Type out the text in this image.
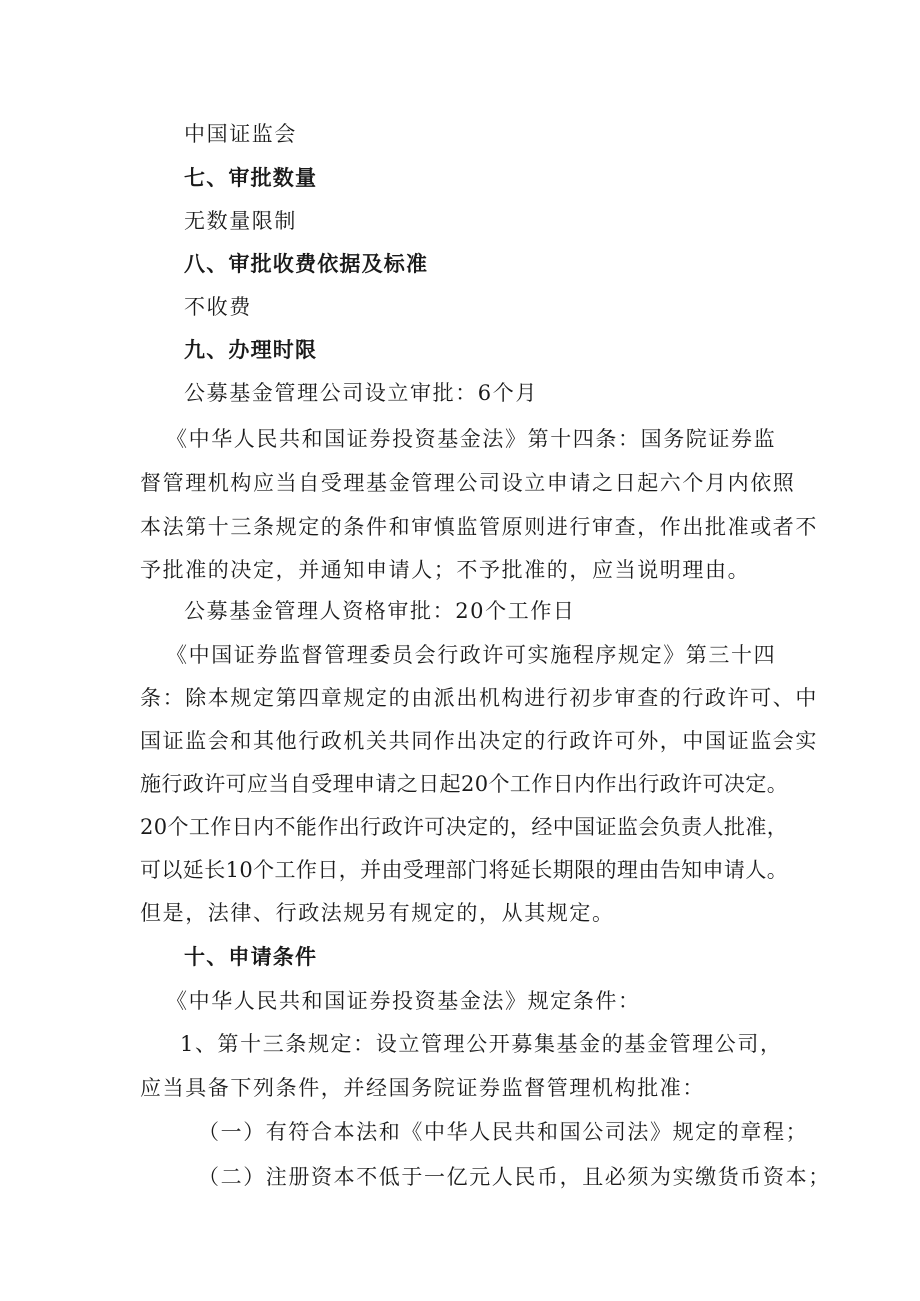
中国证监会
七、审批数量
无数量限制
八、审批收费依据及标准
不收费
九、办理时限
公募基金管理公司设立审批：6个月
《中华人民共和国证券投资基金法》第十四条：国务院证券监
督管理机构应当自受理基金管理公司设立申请之日起六个月内依照
本法第十三条规定的条件和审慎监管原则进行审查，作出批准或者不
予批准的决定，并通知申请人；不予批准的，应当说明理由。
公募基金管理人资格审批：20个工作日
《中国证券监督管理委员会行政许可实施程序规定》第三十四
条：除本规定第四章规定的由派出机构进行初步审查的行政许可、中
国证监会和其他行政机关共同作出决定的行政许可外，中国证监会实
施行政许可应当自受理申请之日起20个工作日内作出行政许可决定。
20个工作日内不能作出行政许可决定的，经中国证监会负责人批准，
可以延长10个工作日，并由受理部门将延长期限的理由告知申请人。
但是，法律、行政法规另有规定的，从其规定。
十、申请条件
《中华人民共和国证券投资基金法》规定条件：
1、第十三条规定：设立管理公开募集基金的基金管理公司，
应当具备下列条件，并经国务院证券监督管理机构批准：
（一）有符合本法和《中华人民共和国公司法》规定的章程；
（二）注册资本不低于一亿元人民币，且必须为实缴货币资本；
